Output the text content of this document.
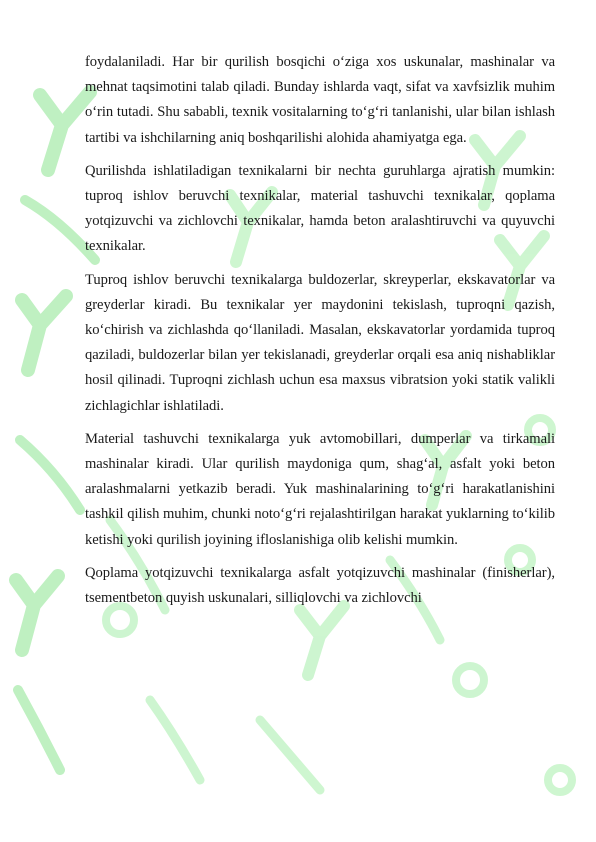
foydalaniladi. Har bir qurilish bosqichi o‘ziga xos uskunalar, mashinalar va mehnat taqsimotini talab qiladi. Bunday ishlarda vaqt, sifat va xavfsizlik muhim o‘rin tutadi. Shu sababli, texnik vositalarning to‘g‘ri tanlanishi, ular bilan ishlash tartibi va ishchilarning aniq boshqarilishi alohida ahamiyatga ega.

Qurilishda ishlatiladigan texnikalarni bir nechta guruhlarga ajratish mumkin: tuproq ishlov beruvchi texnikalar, material tashuvchi texnikalar, qoplama yotqizuvchi va zichlovchi texnikalar, hamda beton aralashtiruvchi va quyuvchi texnikalar.

Tuproq ishlov beruvchi texnikalarga buldozerlar, skreyperlar, ekskavatorlar va greyderlar kiradi. Bu texnikalar yer maydonini tekislash, tuproqni qazish, ko‘chirish va zichlashda qo‘llaniladi. Masalan, ekskavatorlar yordamida tuproq qaziladi, buldozerlar bilan yer tekislanadi, greyderlar orqali esa aniq nishabliklar hosil qilinadi. Tuproqni zichlash uchun esa maxsus vibratsion yoki statik valikli zichlagichlar ishlatiladi.

Material tashuvchi texnikalarga yuk avtomobillari, dumperlar va tirkamali mashinalar kiradi. Ular qurilish maydoniga qum, shag‘al, asfalt yoki beton aralashmalarni yetkazib beradi. Yuk mashinalarining to‘g‘ri harakatlanishini tashkil qilish muhim, chunki noto‘g‘ri rejalashtirilgan harakat yuklarning to‘kilib ketishi yoki qurilish joyining ifloslanishiga olib kelishi mumkin.

Qoplama yotqizuvchi texnikalarga asfalt yotqizuvchi mashinalar (finisherlar), tsementbeton quyish uskunalari, silliqlovchi va zichlovchi
